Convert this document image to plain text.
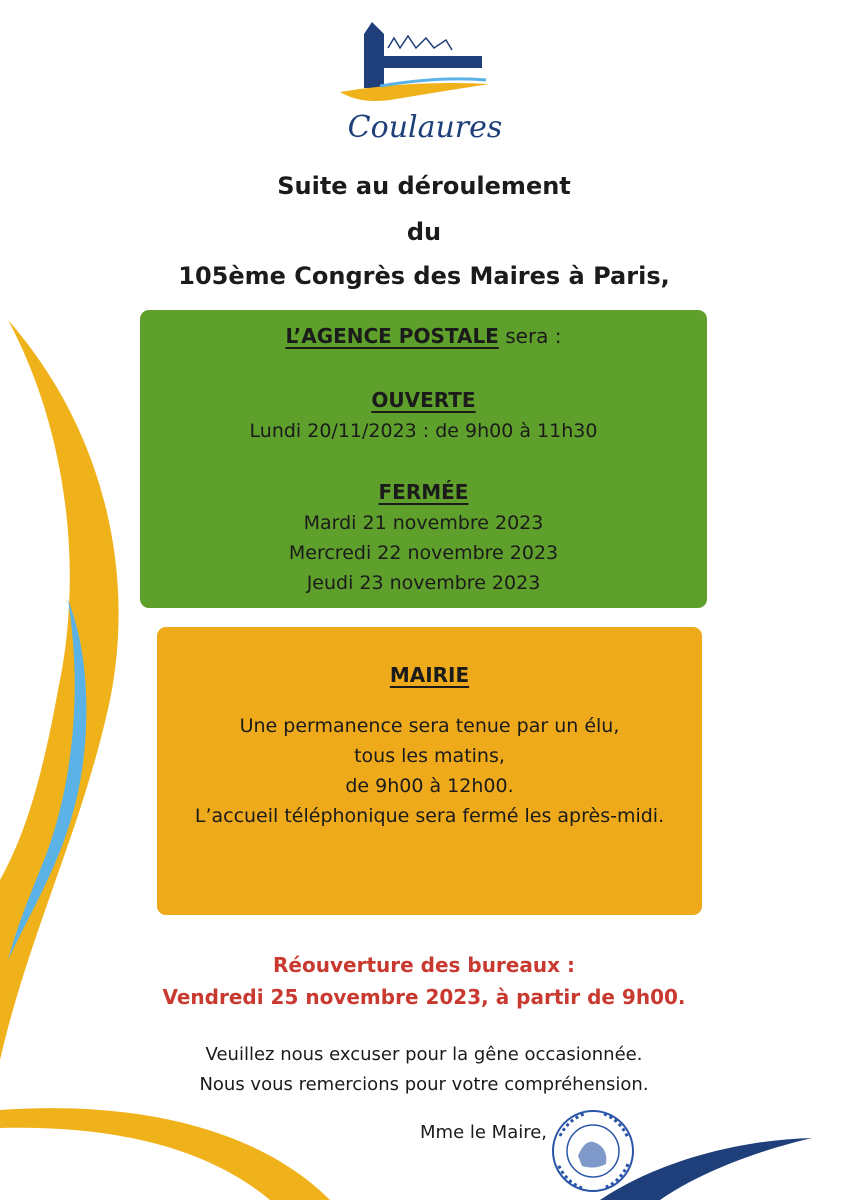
Coulaures
Suite au déroulement
du
105ème Congrès des Maires à Paris,
L’AGENCE POSTALE sera :
OUVERTE
Lundi 20/11/2023 : de 9h00 à 11h30
FERMÉE
Mardi 21 novembre 2023
Mercredi 22 novembre 2023
Jeudi 23 novembre 2023
MAIRIE
Une permanence sera tenue par un élu,
tous les matins,
de 9h00 à 12h00.
L’accueil téléphonique sera fermé les après-midi.
Réouverture des bureaux :
Vendredi 25 novembre 2023, à partir de 9h00.
Veuillez nous excuser pour la gêne occasionnée.
Nous vous remercions pour votre compréhension.
Mme le Maire,
